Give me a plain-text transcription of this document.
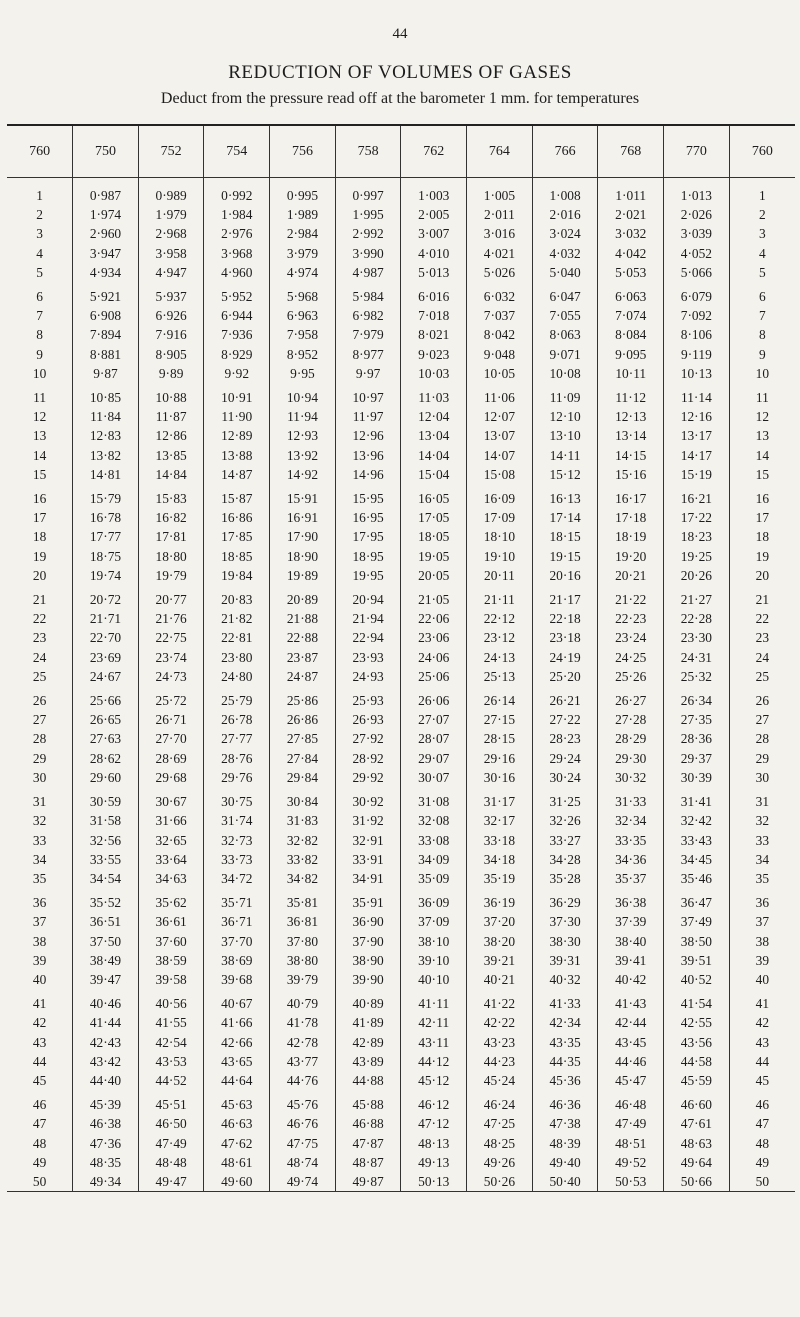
44
REDUCTION OF VOLUMES OF GASES
Deduct from the pressure read off at the barometer 1 mm. for temperatures
760	750	752	754	756	758	762	764	766	768	770	760
1	0·987	0·989	0·992	0·995	0·997	1·003	1·005	1·008	1·011	1·013	1
2	1·974	1·979	1·984	1·989	1·995	2·005	2·011	2·016	2·021	2·026	2
3	2·960	2·968	2·976	2·984	2·992	3·007	3·016	3·024	3·032	3·039	3
4	3·947	3·958	3·968	3·979	3·990	4·010	4·021	4·032	4·042	4·052	4
5	4·934	4·947	4·960	4·974	4·987	5·013	5·026	5·040	5·053	5·066	5
6	5·921	5·937	5·952	5·968	5·984	6·016	6·032	6·047	6·063	6·079	6
7	6·908	6·926	6·944	6·963	6·982	7·018	7·037	7·055	7·074	7·092	7
8	7·894	7·916	7·936	7·958	7·979	8·021	8·042	8·063	8·084	8·106	8
9	8·881	8·905	8·929	8·952	8·977	9·023	9·048	9·071	9·095	9·119	9
10	9·87	9·89	9·92	9·95	9·97	10·03	10·05	10·08	10·11	10·13	10
11	10·85	10·88	10·91	10·94	10·97	11·03	11·06	11·09	11·12	11·14	11
12	11·84	11·87	11·90	11·94	11·97	12·04	12·07	12·10	12·13	12·16	12
13	12·83	12·86	12·89	12·93	12·96	13·04	13·07	13·10	13·14	13·17	13
14	13·82	13·85	13·88	13·92	13·96	14·04	14·07	14·11	14·15	14·17	14
15	14·81	14·84	14·87	14·92	14·96	15·04	15·08	15·12	15·16	15·19	15
16	15·79	15·83	15·87	15·91	15·95	16·05	16·09	16·13	16·17	16·21	16
17	16·78	16·82	16·86	16·91	16·95	17·05	17·09	17·14	17·18	17·22	17
18	17·77	17·81	17·85	17·90	17·95	18·05	18·10	18·15	18·19	18·23	18
19	18·75	18·80	18·85	18·90	18·95	19·05	19·10	19·15	19·20	19·25	19
20	19·74	19·79	19·84	19·89	19·95	20·05	20·11	20·16	20·21	20·26	20
21	20·72	20·77	20·83	20·89	20·94	21·05	21·11	21·17	21·22	21·27	21
22	21·71	21·76	21·82	21·88	21·94	22·06	22·12	22·18	22·23	22·28	22
23	22·70	22·75	22·81	22·88	22·94	23·06	23·12	23·18	23·24	23·30	23
24	23·69	23·74	23·80	23·87	23·93	24·06	24·13	24·19	24·25	24·31	24
25	24·67	24·73	24·80	24·87	24·93	25·06	25·13	25·20	25·26	25·32	25
26	25·66	25·72	25·79	25·86	25·93	26·06	26·14	26·21	26·27	26·34	26
27	26·65	26·71	26·78	26·86	26·93	27·07	27·15	27·22	27·28	27·35	27
28	27·63	27·70	27·77	27·85	27·92	28·07	28·15	28·23	28·29	28·36	28
29	28·62	28·69	28·76	27·84	28·92	29·07	29·16	29·24	29·30	29·37	29
30	29·60	29·68	29·76	29·84	29·92	30·07	30·16	30·24	30·32	30·39	30
31	30·59	30·67	30·75	30·84	30·92	31·08	31·17	31·25	31·33	31·41	31
32	31·58	31·66	31·74	31·83	31·92	32·08	32·17	32·26	32·34	32·42	32
33	32·56	32·65	32·73	32·82	32·91	33·08	33·18	33·27	33·35	33·43	33
34	33·55	33·64	33·73	33·82	33·91	34·09	34·18	34·28	34·36	34·45	34
35	34·54	34·63	34·72	34·82	34·91	35·09	35·19	35·28	35·37	35·46	35
36	35·52	35·62	35·71	35·81	35·91	36·09	36·19	36·29	36·38	36·47	36
37	36·51	36·61	36·71	36·81	36·90	37·09	37·20	37·30	37·39	37·49	37
38	37·50	37·60	37·70	37·80	37·90	38·10	38·20	38·30	38·40	38·50	38
39	38·49	38·59	38·69	38·80	38·90	39·10	39·21	39·31	39·41	39·51	39
40	39·47	39·58	39·68	39·79	39·90	40·10	40·21	40·32	40·42	40·52	40
41	40·46	40·56	40·67	40·79	40·89	41·11	41·22	41·33	41·43	41·54	41
42	41·44	41·55	41·66	41·78	41·89	42·11	42·22	42·34	42·44	42·55	42
43	42·43	42·54	42·66	42·78	42·89	43·11	43·23	43·35	43·45	43·56	43
44	43·42	43·53	43·65	43·77	43·89	44·12	44·23	44·35	44·46	44·58	44
45	44·40	44·52	44·64	44·76	44·88	45·12	45·24	45·36	45·47	45·59	45
46	45·39	45·51	45·63	45·76	45·88	46·12	46·24	46·36	46·48	46·60	46
47	46·38	46·50	46·63	46·76	46·88	47·12	47·25	47·38	47·49	47·61	47
48	47·36	47·49	47·62	47·75	47·87	48·13	48·25	48·39	48·51	48·63	48
49	48·35	48·48	48·61	48·74	48·87	49·13	49·26	49·40	49·52	49·64	49
50	49·34	49·47	49·60	49·74	49·87	50·13	50·26	50·40	50·53	50·66	50
